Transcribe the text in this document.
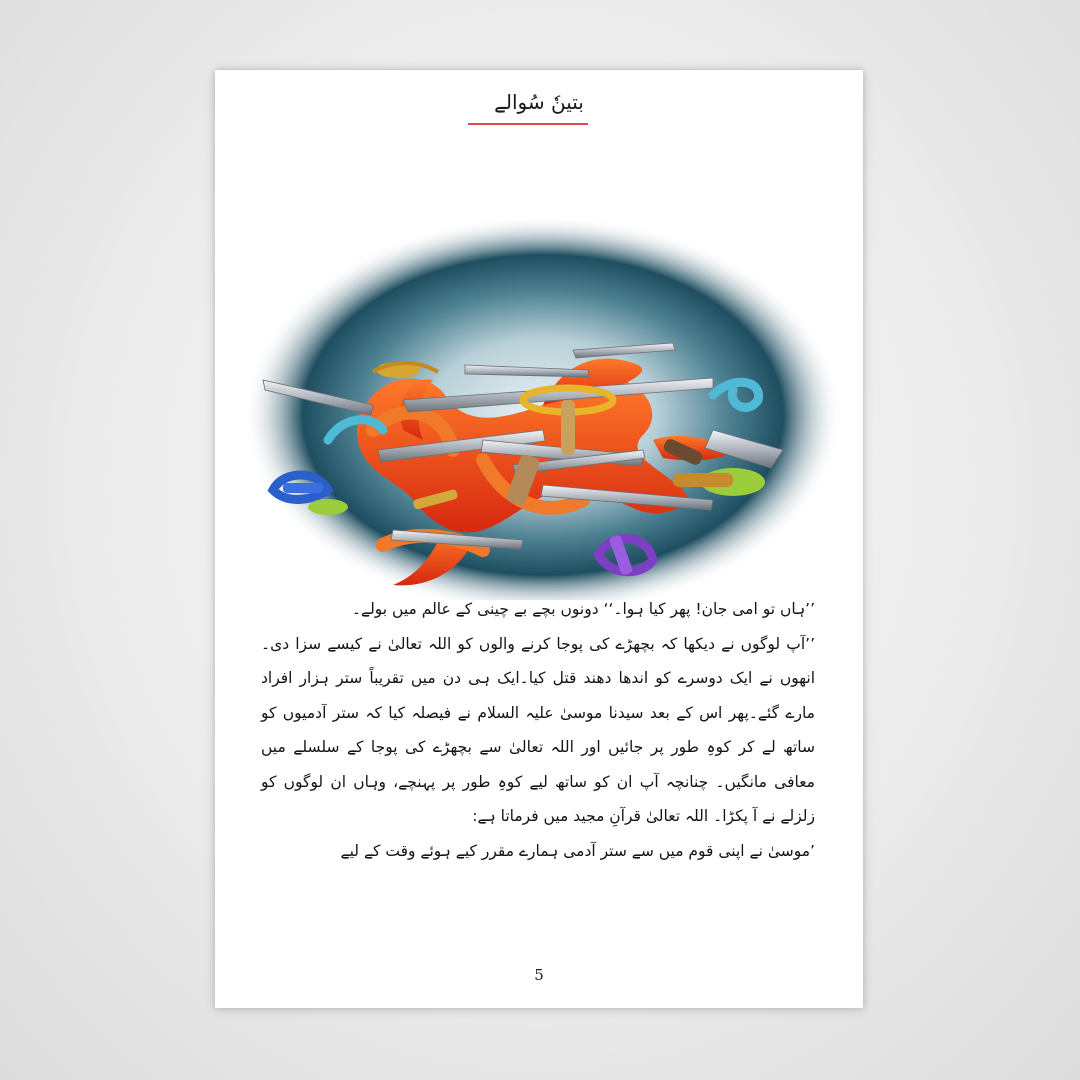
بتینٗ سُوالے

’’ہاں تو امی جان! پھر کیا ہوا۔‘‘ دونوں بچے بے چینی کے عالم میں بولے۔

’’آپ لوگوں نے دیکھا کہ بچھڑے کی پوجا کرنے والوں کو اللہ تعالیٰ نے کیسے سزا دی۔انھوں نے ایک دوسرے کو اندھا دھند قتل کیا۔ایک ہی دن میں تقریباً ستر ہزار افراد مارے گئے۔پھر اس کے بعد سیدنا موسیٰ علیہ السلام نے فیصلہ کیا کہ ستر آدمیوں کو ساتھ لے کر کوہِ طور پر جائیں اور اللہ تعالیٰ سے بچھڑے کی پوجا کے سلسلے میں معافی مانگیں۔ چنانچہ آپ ان کو ساتھ لیے کوہِ طور پر پہنچے، وہاں ان لوگوں کو زلزلے نے آ پکڑا۔ اللہ تعالیٰ قرآنِ مجید میں فرماتا ہے:

’موسیٰ نے اپنی قوم میں سے ستر آدمی ہمارے مقرر کیے ہوئے وقت کے لیے

5
